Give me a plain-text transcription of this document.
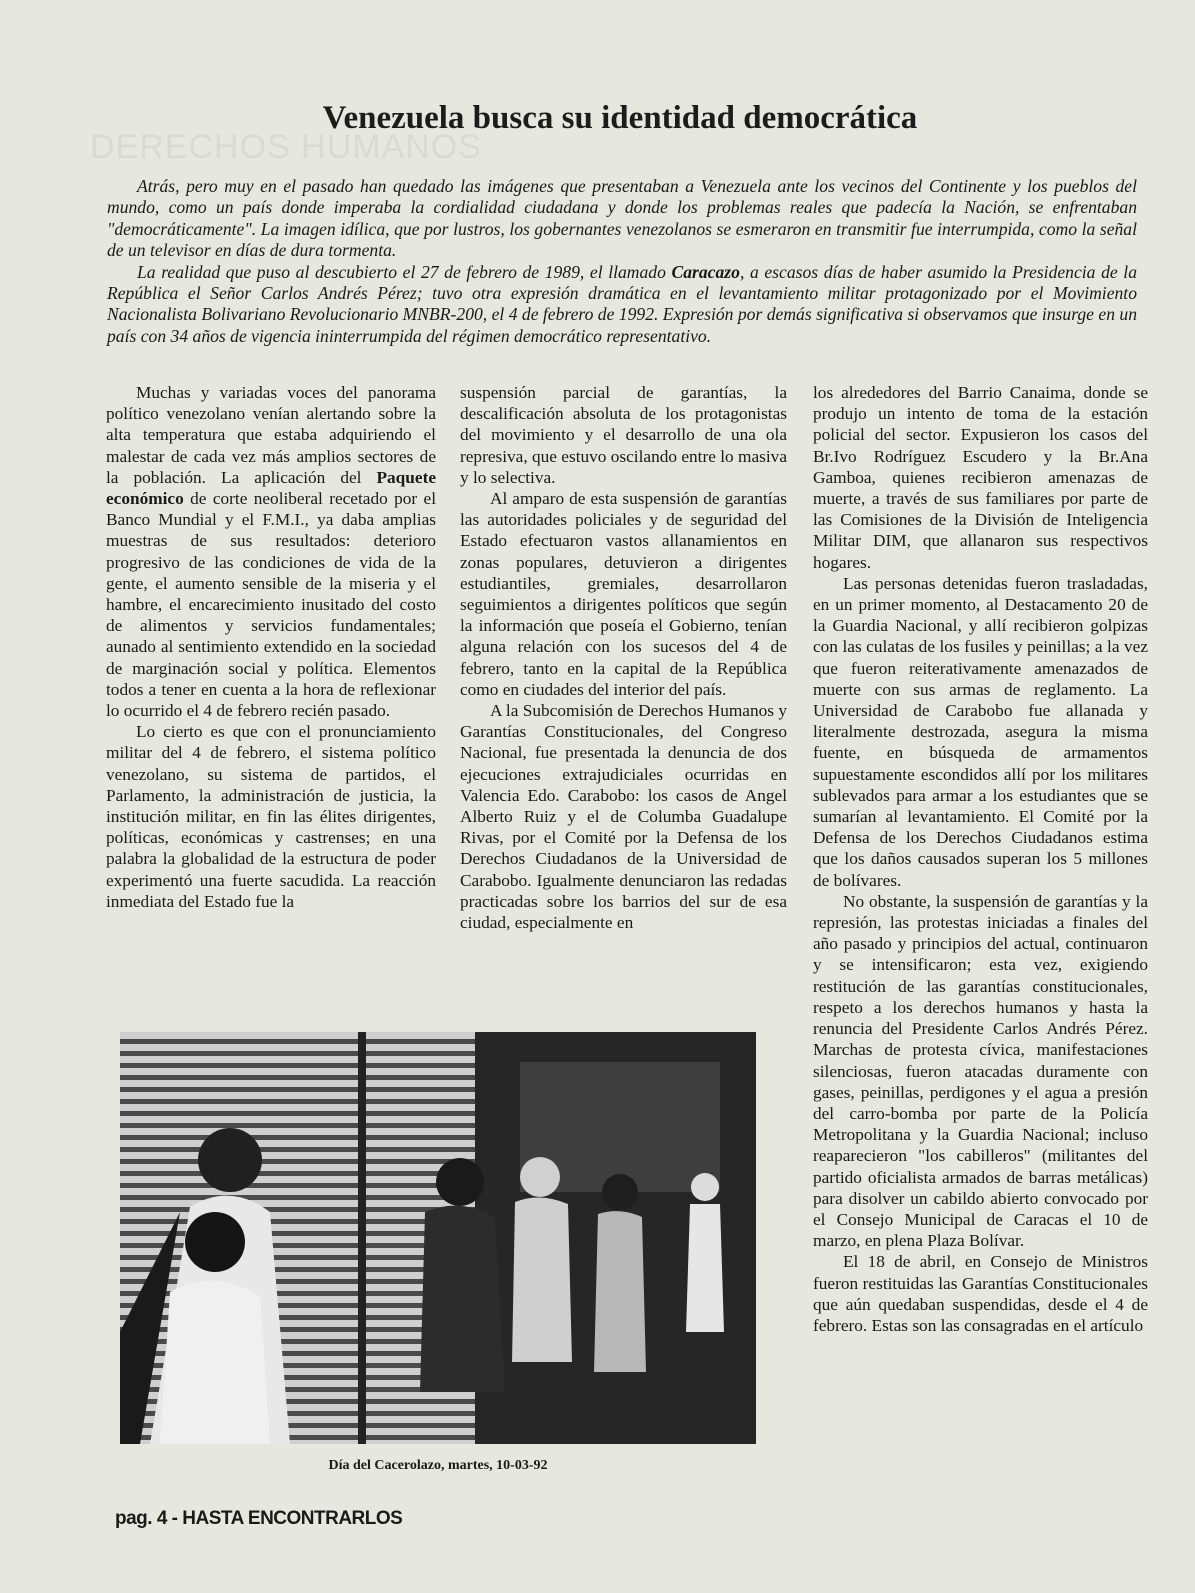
DERECHOS HUMANOS
Venezuela busca su identidad democrática

Atrás, pero muy en el pasado han quedado las imágenes que presentaban a Venezuela ante los vecinos del Continente y los pueblos del mundo, como un país donde imperaba la cordialidad ciudadana y donde los problemas reales que padecía la Nación, se enfrentaban "democráticamente". La imagen idílica, que por lustros, los gobernantes venezolanos se esmeraron en transmitir fue interrumpida, como la señal de un televisor en días de dura tormenta.

La realidad que puso al descubierto el 27 de febrero de 1989, el llamado Caracazo, a escasos días de haber asumido la Presidencia de la República el Señor Carlos Andrés Pérez; tuvo otra expresión dramática en el levantamiento militar protagonizado por el Movimiento Nacionalista Bolivariano Revolucionario MNBR-200, el 4 de febrero de 1992. Expresión por demás significativa si observamos que insurge en un país con 34 años de vigencia ininterrumpida del régimen democrático representativo.

Muchas y variadas voces del panorama político venezolano venían alertando sobre la alta temperatura que estaba adquiriendo el malestar de cada vez más amplios sectores de la población. La aplicación del Paquete económico de corte neoliberal recetado por el Banco Mundial y el F.M.I., ya daba amplias muestras de sus resultados: deterioro progresivo de las condiciones de vida de la gente, el aumento sensible de la miseria y el hambre, el encarecimiento inusitado del costo de alimentos y servicios fundamentales; aunado al sentimiento extendido en la sociedad de marginación social y política. Elementos todos a tener en cuenta a la hora de reflexionar lo ocurrido el 4 de febrero recién pasado.

Lo cierto es que con el pronunciamiento militar del 4 de febrero, el sistema político venezolano, su sistema de partidos, el Parlamento, la administración de justicia, la institución militar, en fin las élites dirigentes, políticas, económicas y castrenses; en una palabra la globalidad de la estructura de poder experimentó una fuerte sacudida. La reacción inmediata del Estado fue la

suspensión parcial de garantías, la descalificación absoluta de los protagonistas del movimiento y el desarrollo de una ola represiva, que estuvo oscilando entre lo masiva y lo selectiva.

Al amparo de esta suspensión de garantías las autoridades policiales y de seguridad del Estado efectuaron vastos allanamientos en zonas populares, detuvieron a dirigentes estudiantiles, gremiales, desarrollaron seguimientos a dirigentes políticos que según la información que poseía el Gobierno, tenían alguna relación con los sucesos del 4 de febrero, tanto en la capital de la República como en ciudades del interior del país.

A la Subcomisión de Derechos Humanos y Garantías Constitucionales, del Congreso Nacional, fue presentada la denuncia de dos ejecuciones extrajudiciales ocurridas en Valencia Edo. Carabobo: los casos de Angel Alberto Ruiz y el de Columba Guadalupe Rivas, por el Comité por la Defensa de los Derechos Ciudadanos de la Universidad de Carabobo. Igualmente denunciaron las redadas practicadas sobre los barrios del sur de esa ciudad, especialmente en

los alrededores del Barrio Canaima, donde se produjo un intento de toma de la estación policial del sector. Expusieron los casos del Br.Ivo Rodríguez Escudero y la Br.Ana Gamboa, quienes recibieron amenazas de muerte, a través de sus familiares por parte de las Comisiones de la División de Inteligencia Militar DIM, que allanaron sus respectivos hogares.

Las personas detenidas fueron trasladadas, en un primer momento, al Destacamento 20 de la Guardia Nacional, y allí recibieron golpizas con las culatas de los fusiles y peinillas; a la vez que fueron reiterativamente amenazados de muerte con sus armas de reglamento. La Universidad de Carabobo fue allanada y literalmente destrozada, asegura la misma fuente, en búsqueda de armamentos supuestamente escondidos allí por los militares sublevados para armar a los estudiantes que se sumarían al levantamiento. El Comité por la Defensa de los Derechos Ciudadanos estima que los daños causados superan los 5 millones de bolívares.

No obstante, la suspensión de garantías y la represión, las protestas iniciadas a finales del año pasado y principios del actual, continuaron y se intensificaron; esta vez, exigiendo restitución de las garantías constitucionales, respeto a los derechos humanos y hasta la renuncia del Presidente Carlos Andrés Pérez. Marchas de protesta cívica, manifestaciones silenciosas, fueron atacadas duramente con gases, peinillas, perdigones y el agua a presión del carro-bomba por parte de la Policía Metropolitana y la Guardia Nacional; incluso reaparecieron "los cabilleros" (militantes del partido oficialista armados de barras metálicas) para disolver un cabildo abierto convocado por el Consejo Municipal de Caracas el 10 de marzo, en plena Plaza Bolívar.

El 18 de abril, en Consejo de Ministros fueron restituidas las Garantías Constitucionales que aún quedaban suspendidas, desde el 4 de febrero. Estas son las consagradas en el artículo

Día del Cacerolazo, martes, 10-03-92
pag. 4 - HASTA ENCONTRARLOS
